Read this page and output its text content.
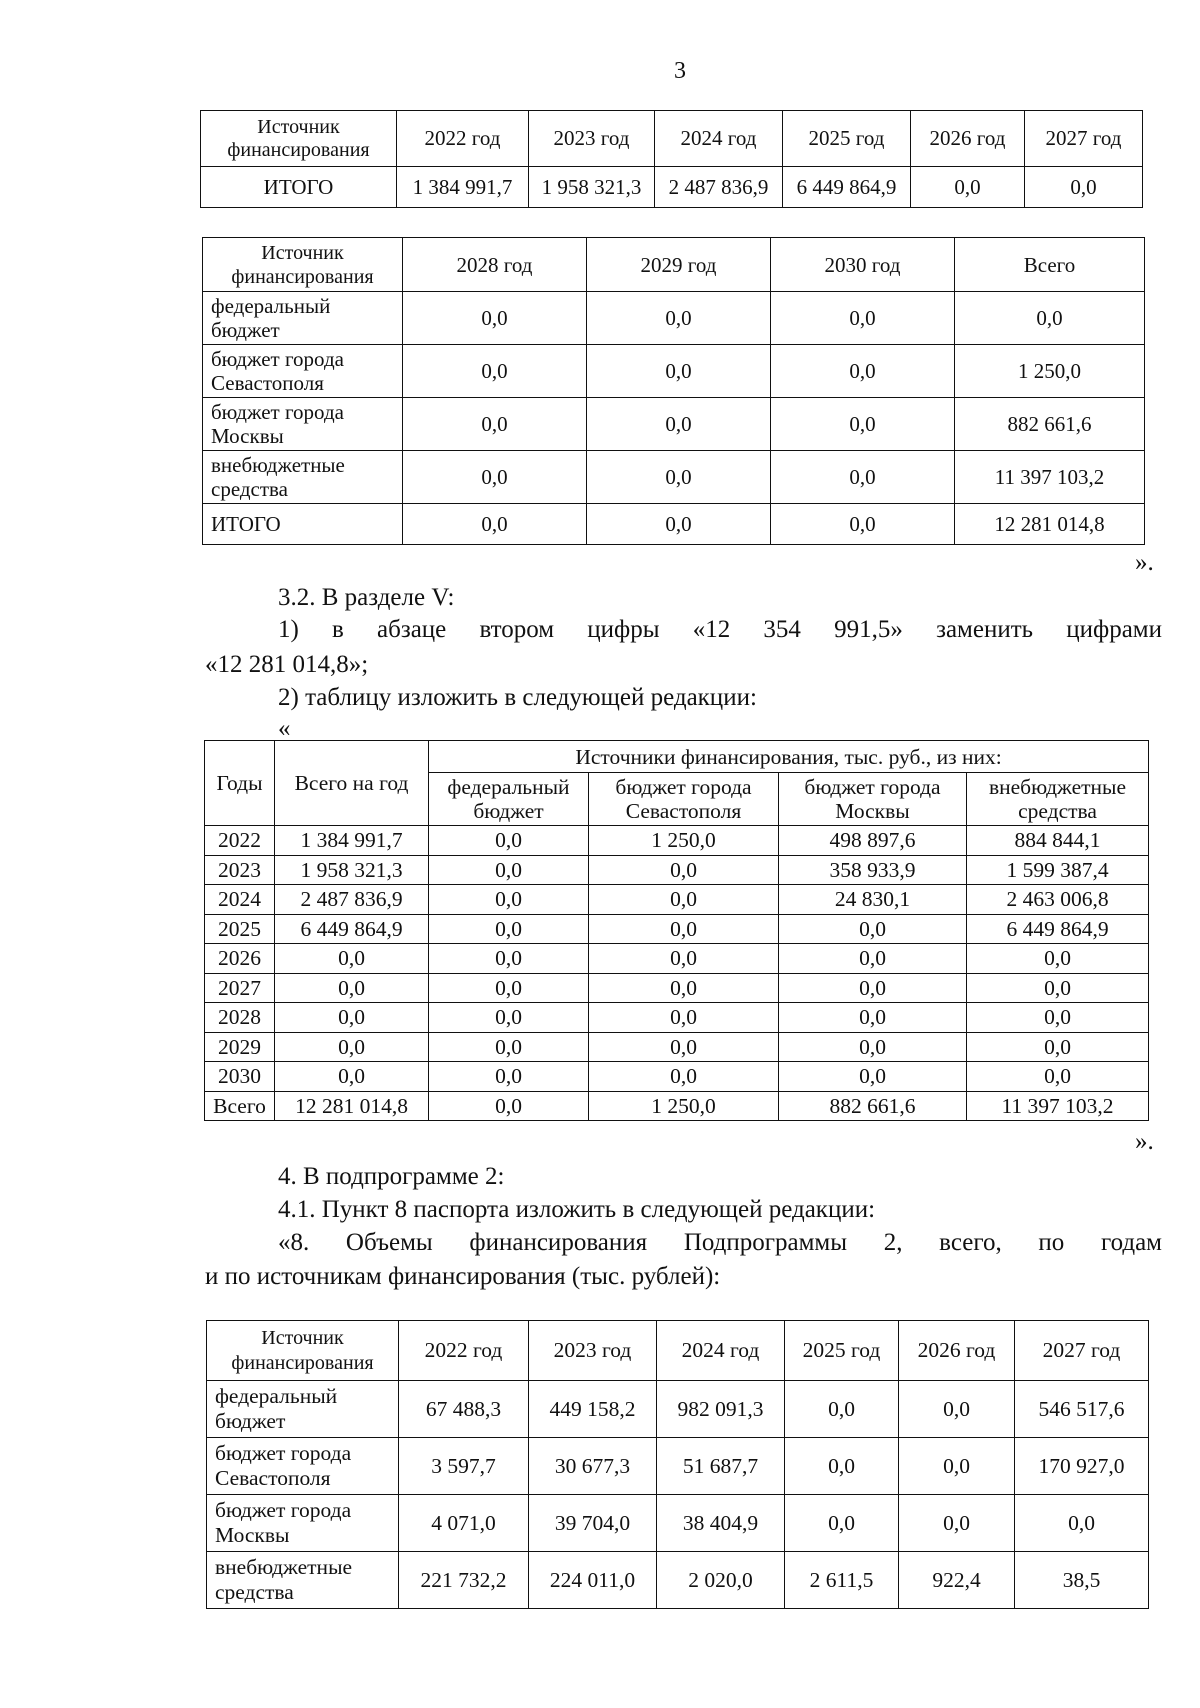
3
Источник финансирования	2022 год	2023 год	2024 год	2025 год	2026 год	2027 год
ИТОГО	1 384 991,7	1 958 321,3	2 487 836,9	6 449 864,9	0,0	0,0
Источник финансирования	2028 год	2029 год	2030 год	Всего
федеральный бюджет	0,0	0,0	0,0	0,0
бюджет города Севастополя	0,0	0,0	0,0	1 250,0
бюджет города Москвы	0,0	0,0	0,0	882 661,6
внебюджетные средства	0,0	0,0	0,0	11 397 103,2
ИТОГО	0,0	0,0	0,0	12 281 014,8
».
3.2. В разделе V:
1) в абзаце втором цифры «12 354 991,5» заменить цифрами
«12 281 014,8»;
2) таблицу изложить в следующей редакции:
«
Годы	Всего на год	Источники финансирования, тыс. руб., из них:			
		федеральный бюджет	бюджет города Севастополя	бюджет города Москвы	внебюджетные средства
2022	1 384 991,7	0,0	1 250,0	498 897,6	884 844,1
2023	1 958 321,3	0,0	0,0	358 933,9	1 599 387,4
2024	2 487 836,9	0,0	0,0	24 830,1	2 463 006,8
2025	6 449 864,9	0,0	0,0	0,0	6 449 864,9
2026	0,0	0,0	0,0	0,0	0,0
2027	0,0	0,0	0,0	0,0	0,0
2028	0,0	0,0	0,0	0,0	0,0
2029	0,0	0,0	0,0	0,0	0,0
2030	0,0	0,0	0,0	0,0	0,0
Всего	12 281 014,8	0,0	1 250,0	882 661,6	11 397 103,2
».
4. В подпрограмме 2:
4.1. Пункт 8 паспорта изложить в следующей редакции:
«8. Объемы финансирования Подпрограммы 2, всего, по годам
и по источникам финансирования (тыс. рублей):
Источник финансирования	2022 год	2023 год	2024 год	2025 год	2026 год	2027 год
федеральный бюджет	67 488,3	449 158,2	982 091,3	0,0	0,0	546 517,6
бюджет города Севастополя	3 597,7	30 677,3	51 687,7	0,0	0,0	170 927,0
бюджет города Москвы	4 071,0	39 704,0	38 404,9	0,0	0,0	0,0
внебюджетные средства	221 732,2	224 011,0	2 020,0	2 611,5	922,4	38,5
